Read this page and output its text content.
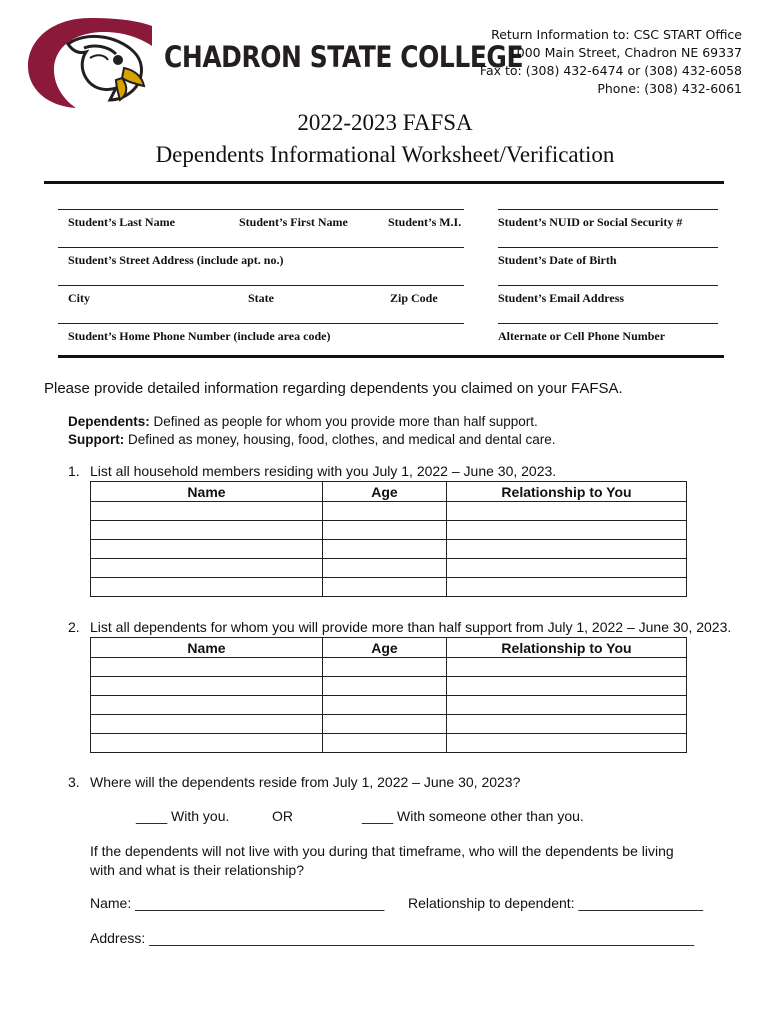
CHADRON STATE COLLEGE
Return Information to: CSC START Office
1000 Main Street, Chadron NE 69337
Fax to: (308) 432-6474 or (308) 432-6058
Phone: (308) 432-6061
2022-2023 FAFSA
Dependents Informational Worksheet/Verification
Student’s Last Name	Student’s First Name	Student’s M.I.	Student’s NUID or Social Security #
Student’s Street Address (include apt. no.)	Student’s Date of Birth
City	State	Zip Code	Student’s Email Address
Student’s Home Phone Number (include area code)	Alternate or Cell Phone Number
Please provide detailed information regarding dependents you claimed on your FAFSA.
Dependents: Defined as people for whom you provide more than half support.
Support: Defined as money, housing, food, clothes, and medical and dental care.
1. List all household members residing with you July 1, 2022 – June 30, 2023.
Name	Age	Relationship to You

2. List all dependents for whom you will provide more than half support from July 1, 2022 – June 30, 2023.
Name	Age	Relationship to You

3. Where will the dependents reside from July 1, 2022 – June 30, 2023?
____ With you.	OR	____ With someone other than you.
If the dependents will not live with you during that timeframe, who will the dependents be living
with and what is their relationship?
Name: ________________________________ Relationship to dependent: ________________
Address: ______________________________________________________________________
